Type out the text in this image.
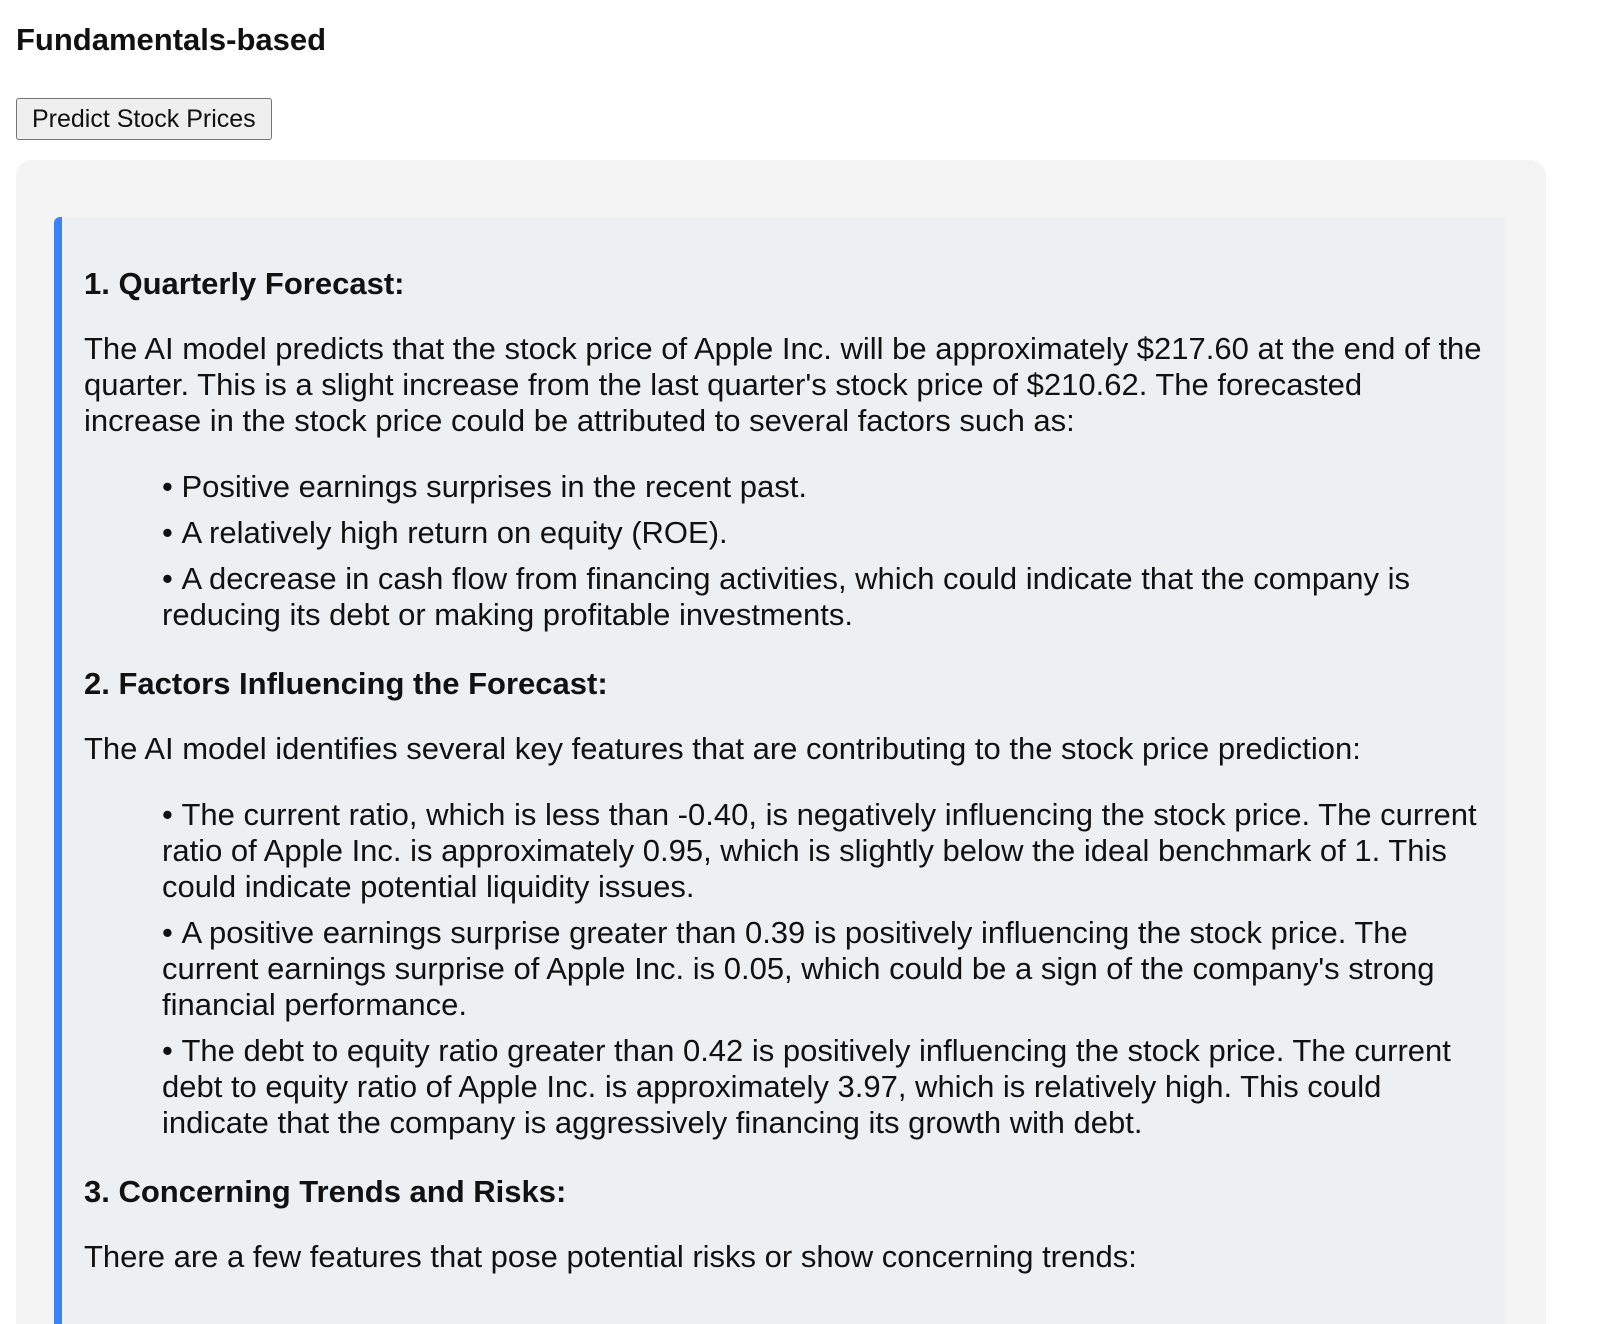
Fundamentals-based
Predict Stock Prices
1. Quarterly Forecast:

The AI model predicts that the stock price of Apple Inc. will be approximately $217.60 at the end of the quarter. This is a slight increase from the last quarter's stock price of $210.62. The forecasted increase in the stock price could be attributed to several factors such as:

• Positive earnings surprises in the recent past.
• A relatively high return on equity (ROE).
• A decrease in cash flow from financing activities, which could indicate that the company is reducing its debt or making profitable investments.
2. Factors Influencing the Forecast:

The AI model identifies several key features that are contributing to the stock price prediction:

• The current ratio, which is less than -0.40, is negatively influencing the stock price. The current ratio of Apple Inc. is approximately 0.95, which is slightly below the ideal benchmark of 1. This could indicate potential liquidity issues.
• A positive earnings surprise greater than 0.39 is positively influencing the stock price. The current earnings surprise of Apple Inc. is 0.05, which could be a sign of the company's strong financial performance.
• The debt to equity ratio greater than 0.42 is positively influencing the stock price. The current debt to equity ratio of Apple Inc. is approximately 3.97, which is relatively high. This could indicate that the company is aggressively financing its growth with debt.
3. Concerning Trends and Risks:

There are a few features that pose potential risks or show concerning trends:
